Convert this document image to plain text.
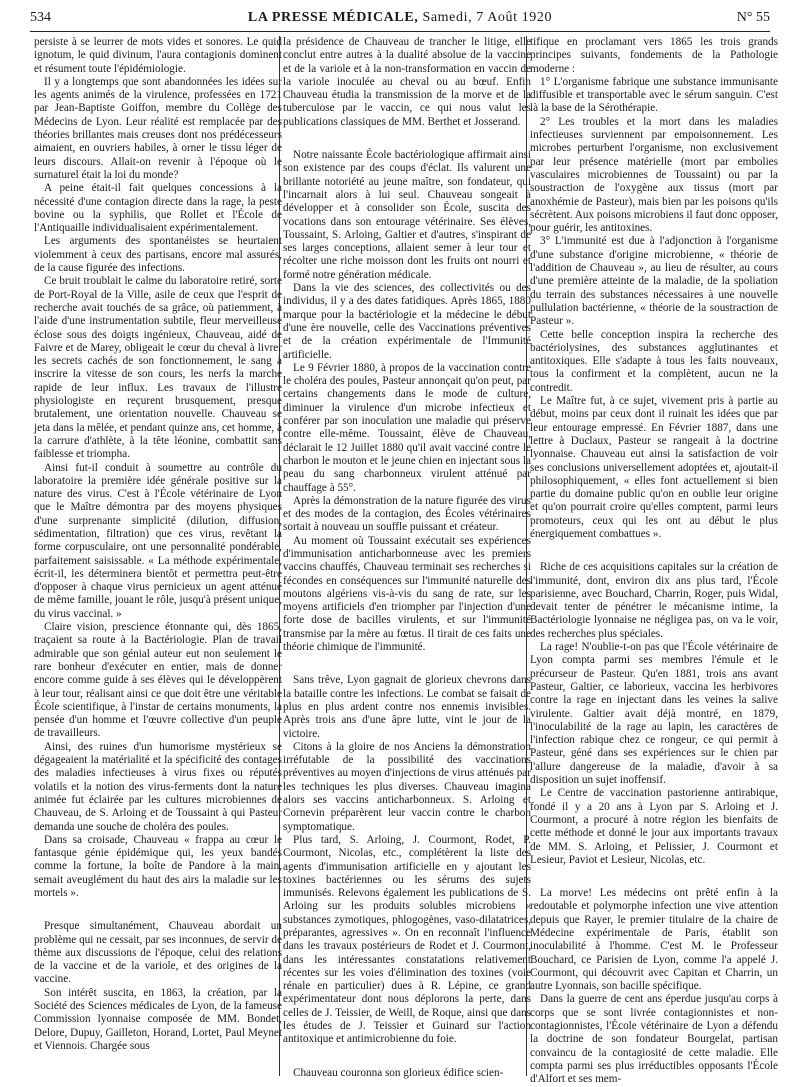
534	LA PRESSE MÉDICALE, Samedi, 7 Août 1920	N° 55

persiste à se leurrer de mots vides et sonores. Le quid ignotum, le quid divinum, l'aura contagionis dominent et résument toute l'épidémiologie.

Il y a longtemps que sont abandonnées les idées sur les agents animés de la virulence, professées en 1721 par Jean-Baptiste Goiffon, membre du Collège des Médecins de Lyon. Leur réalité est remplacée par des théories brillantes mais creuses dont nos prédécesseurs aimaient, en ouvriers habiles, à orner le tissu léger de leurs discours. Allait-on revenir à l'époque où le surnaturel était la loi du monde?

A peine était-il fait quelques concessions à la nécessité d'une contagion directe dans la rage, la peste bovine ou la syphilis, que Rollet et l'École de l'Antiquaille individualisaient expérimentalement.

Les arguments des spontanéistes se heurtaient violemment à ceux des partisans, encore mal assurés, de la cause figurée des infections.

Ce bruit troublait le calme du laboratoire retiré, sorte de Port-Royal de la Ville, asile de ceux que l'esprit de recherche avait touchés de sa grâce, où patiemment, à l'aide d'une instrumentation subtile, fleur merveilleuse éclose sous des doigts ingénieux, Chauveau, aidé de Faivre et de Marey, obligeait le cœur du cheval à livrer les secrets cachés de son fonctionnement, le sang à inscrire la vitesse de son cours, les nerfs la marche rapide de leur influx. Les travaux de l'illustre physiologiste en reçurent brusquement, presque brutalement, une orientation nouvelle. Chauveau se jeta dans la mêlée, et pendant quinze ans, cet homme, à la carrure d'athlète, à la tête léonine, combattit sans faiblesse et triompha.

Ainsi fut-il conduit à soumettre au contrôle du laboratoire la première idée générale positive sur la nature des virus. C'est à l'École vétérinaire de Lyon que le Maître démontra par des moyens physiques d'une surprenante simplicité (dilution, diffusion, sédimentation, filtration) que ces virus, revêtant la forme corpusculaire, ont une personnalité pondérable, parfaitement saisissable. « La méthode expérimentale, écrit-il, les déterminera bientôt et permettra peut-être d'opposer à chaque virus pernicieux un agent atténué de même famille, jouant le rôle, jusqu'à présent unique, du virus vaccinal. »

Claire vision, prescience étonnante qui, dès 1865, traçaient sa route à la Bactériologie. Plan de travail admirable que son génial auteur eut non seulement le rare bonheur d'exécuter en entier, mais de donner encore comme guide à ses élèves qui le développèrent à leur tour, réalisant ainsi ce que doit être une véritable École scientifique, à l'instar de certains monuments, la pensée d'un homme et l'œuvre collective d'un peuple de travailleurs.

Ainsi, des ruines d'un humorisme mystérieux se dégageaient la matérialité et la spécificité des contages des maladies infectieuses à virus fixes ou réputés volatils et la notion des virus-ferments dont la nature animée fut éclairée par les cultures microbiennes de Chauveau, de S. Arloing et de Toussaint à qui Pasteur demanda une souche de choléra des poules.

Dans sa croisade, Chauveau « frappa au cœur le fantasque génie épidémique qui, les yeux bandés comme la fortune, la boîte de Pandore à la main, semait aveuglément du haut des airs la maladie sur les mortels ».

Presque simultanément, Chauveau abordait un problème qui ne cessait, par ses inconnues, de servir de thème aux discussions de l'époque, celui des relations de la vaccine et de la variole, et des origines de la vaccine.

Son intérêt suscita, en 1863, la création, par la Société des Sciences médicales de Lyon, de la fameuse Commission lyonnaise composée de MM. Bondet, Delore, Dupuy, Gailleton, Horand, Lortet, Paul Meynet et Viennois. Chargée sous

la présidence de Chauveau de trancher le litige, elle conclut entre autres à la dualité absolue de la vaccine et de la variole et à la non-transformation en vaccin de la variole inoculée au cheval ou au bœuf. Enfin Chauveau étudia la transmission de la morve et de la tuberculose par le vaccin, ce qui nous valut les publications classiques de MM. Berthet et Josserand.

Notre naissante École bactériologique affirmait ainsi son existence par des coups d'éclat. Ils valurent une brillante notoriété au jeune maître, son fondateur, qui l'incarnait alors à lui seul. Chauveau songeait à développer et à consolider son École, suscita des vocations dans son entourage vétérinaire. Ses élèves, Toussaint, S. Arloing, Galtier et d'autres, s'inspirant de ses larges conceptions, allaient semer à leur tour et récolter une riche moisson dont les fruits ont nourri et formé notre génération médicale.

Dans la vie des sciences, des collectivités ou des individus, il y a des dates fatidiques. Après 1865, 1880 marque pour la bactériologie et la médecine le début d'une ère nouvelle, celle des Vaccinations préventives et de la création expérimentale de l'Immunité artificielle.

Le 9 Février 1880, à propos de la vaccination contre le choléra des poules, Pasteur annonçait qu'on peut, par certains changements dans le mode de culture, diminuer la virulence d'un microbe infectieux et conférer par son inoculation une maladie qui préserve contre elle-même. Toussaint, élève de Chauveau, déclarait le 12 Juillet 1880 qu'il avait vacciné contre le charbon le mouton et le jeune chien en injectant sous la peau du sang charbonneux virulent atténué par chauffage à 55°.

Après la démonstration de la nature figurée des virus et des modes de la contagion, des Écoles vétérinaires sortait à nouveau un souffle puissant et créateur.

Au moment où Toussaint exécutait ses expériences d'immunisation anticharbonneuse avec les premiers vaccins chauffés, Chauveau terminait ses recherches si fécondes en conséquences sur l'immunité naturelle des moutons algériens vis-à-vis du sang de rate, sur les moyens artificiels d'en triompher par l'injection d'une forte dose de bacilles virulents, et sur l'immunité transmise par la mère au fœtus. Il tirait de ces faits une théorie chimique de l'immunité.

Sans trêve, Lyon gagnait de glorieux chevrons dans la bataille contre les infections. Le combat se faisait de plus en plus ardent contre nos ennemis invisibles. Après trois ans d'une âpre lutte, vint le jour de la victoire.

Citons à la gloire de nos Anciens la démonstration irréfutable de la possibilité des vaccinations préventives au moyen d'injections de virus atténués par les techniques les plus diverses. Chauveau imagina alors ses vaccins anticharbonneux. S. Arloing et Cornevin préparèrent leur vaccin contre le charbon symptomatique.

Plus tard, S. Arloing, J. Courmont, Rodet, P. Courmont, Nicolas, etc., complétèrent la liste des agents d'immunisation artificielle en y ajoutant les toxines bactériennes ou les sérums des sujets immunisés. Relevons également les publications de S. Arloing sur les produits solubles microbiens « substances zymotiques, phlogogènes, vaso-dilatatrices, préparantes, agressives ». On en reconnaît l'influence dans les travaux postérieurs de Rodet et J. Courmont, dans les intéressantes constatations relativement récentes sur les voies d'élimination des toxines (voie rénale en particulier) dues à R. Lépine, ce grand expérimentateur dont nous déplorons la perte, dans celles de J. Teissier, de Weill, de Roque, ainsi que dans les études de J. Teissier et Guinard sur l'action antitoxique et antimicrobienne du foie.

Chauveau couronna son glorieux édifice scien-

tifique en proclamant vers 1865 les trois grands principes suivants, fondements de la Pathologie moderne :

1° L'organisme fabrique une substance immunisante diffusible et transportable avec le sérum sanguin. C'est là la base de la Sérothérapie.

2° Les troubles et la mort dans les maladies infectieuses surviennent par empoisonnement. Les microbes perturbent l'organisme, non exclusivement par leur présence matérielle (mort par embolies vasculaires microbiennes de Toussaint) ou par la soustraction de l'oxygène aux tissus (mort par anoxhémie de Pasteur), mais bien par les poisons qu'ils sécrètent. Aux poisons microbiens il faut donc opposer, pour guérir, les antitoxines.

3° L'immunité est due à l'adjonction à l'organisme d'une substance d'origine microbienne, « théorie de l'addition de Chauveau », au lieu de résulter, au cours d'une première atteinte de la maladie, de la spoliation du terrain des substances nécessaires à une nouvelle pullulation bactérienne, « théorie de la soustraction de Pasteur ».

Cette belle conception inspira la recherche des bactériolysines, des substances agglutinantes et antitoxiques. Elle s'adapte à tous les faits nouveaux, tous la confirment et la complètent, aucun ne la contredit.

Le Maître fut, à ce sujet, vivement pris à partie au début, moins par ceux dont il ruinait les idées que par leur entourage empressé. En Février 1887, dans une lettre à Duclaux, Pasteur se rangeait à la doctrine lyonnaise. Chauveau eut ainsi la satisfaction de voir ses conclusions universellement adoptées et, ajoutait-il philosophiquement, « elles font actuellement si bien partie du domaine public qu'on en oublie leur origine et qu'on pourrait croire qu'elles comptent, parmi leurs promoteurs, ceux qui les ont au début le plus énergiquement combattues ».

Riche de ces acquisitions capitales sur la création de l'immunité, dont, environ dix ans plus tard, l'École parisienne, avec Bouchard, Charrin, Roger, puis Widal, devait tenter de pénétrer le mécanisme intime, la Bactériologie lyonnaise ne négligea pas, on va le voir, des recherches plus spéciales.

La rage! N'oublie-t-on pas que l'École vétérinaire de Lyon compta parmi ses membres l'émule et le précurseur de Pasteur. Qu'en 1881, trois ans avant Pasteur, Galtier, ce laborieux, vaccina les herbivores contre la rage en injectant dans les veines la salive virulente. Galtier avait déjà montré, en 1879, l'inoculabilité de la rage au lapin, les caractères de l'infection rabique chez ce rongeur, ce qui permit à Pasteur, géné dans ses expériences sur le chien par l'allure dangereuse de la maladie, d'avoir à sa disposition un sujet inoffensif.

Le Centre de vaccination pastorienne antirabique, fondé il y a 20 ans à Lyon par S. Arloing et J. Courmont, a procuré à notre région les bienfaits de cette méthode et donné le jour aux importants travaux de MM. S. Arloing, et Pelissier, J. Courmont et Lesieur, Paviot et Lesieur, Nicolas, etc.

La morve! Les médecins ont prêté enfin à la redoutable et polymorphe infection une vive attention depuis que Rayer, le premier titulaire de la chaire de Médecine expérimentale de Paris, établit son inoculabilité à l'homme. C'est M. le Professeur Bouchard, ce Parisien de Lyon, comme l'a appelé J. Courmont, qui découvrit avec Capitan et Charrin, un autre Lyonnais, son bacille spécifique.

Dans la guerre de cent ans éperdue jusqu'au corps à corps que se sont livrée contagionnistes et non-contagionnistes, l'École vétérinaire de Lyon a défendu la doctrine de son fondateur Bourgelat, partisan convaincu de la contagiosité de cette maladie. Elle compta parmi ses plus irréductibles opposants l'École d'Alfort et ses mem-
